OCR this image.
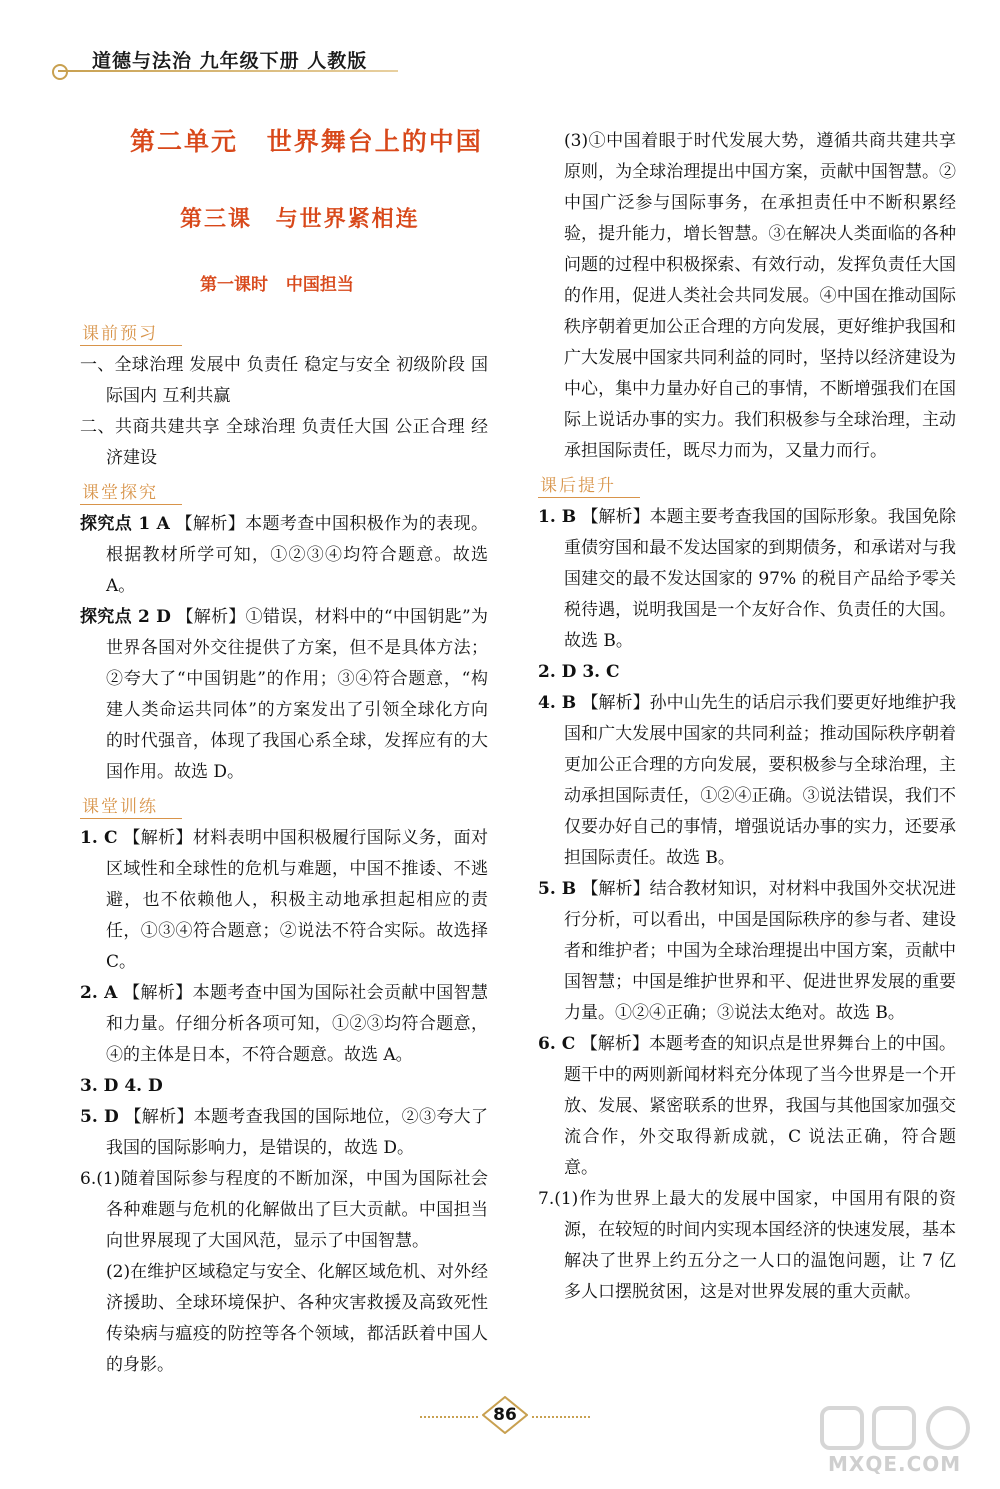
道德与法治 九年级下册 人教版
第二单元 世界舞台上的中国
第三课 与世界紧相连
第一课时 中国担当
课前预习

一、全球治理 发展中 负责任 稳定与安全 初级阶段 国际国内 互利共赢

二、共商共建共享 全球治理 负责任大国 公正合理 经济建设

课堂探究

探究点 1 A 【解析】本题考查中国积极作为的表现。根据教材所学可知，①②③④均符合题意。故选 A。

探究点 2 D 【解析】①错误，材料中的“中国钥匙”为世界各国对外交往提供了方案，但不是具体方法；②夸大了“中国钥匙”的作用；③④符合题意，“构建人类命运共同体”的方案发出了引领全球化方向的时代强音，体现了我国心系全球，发挥应有的大国作用。故选 D。

课堂训练

1. C 【解析】材料表明中国积极履行国际义务，面对区域性和全球性的危机与难题，中国不推诿、不逃避，也不依赖他人，积极主动地承担起相应的责任，①③④符合题意；②说法不符合实际。故选择 C。

2. A 【解析】本题考查中国为国际社会贡献中国智慧和力量。仔细分析各项可知，①②③均符合题意，④的主体是日本，不符合题意。故选 A。

3. D 4. D

5. D 【解析】本题考查我国的国际地位，②③夸大了我国的国际影响力，是错误的，故选 D。

6.(1)随着国际参与程度的不断加深，中国为国际社会各种难题与危机的化解做出了巨大贡献。中国担当向世界展现了大国风范，显示了中国智慧。

(2)在维护区域稳定与安全、化解区域危机、对外经济援助、全球环境保护、各种灾害救援及高致死性传染病与瘟疫的防控等各个领域，都活跃着中国人的身影。

(3)①中国着眼于时代发展大势，遵循共商共建共享原则，为全球治理提出中国方案，贡献中国智慧。②中国广泛参与国际事务，在承担责任中不断积累经验，提升能力，增长智慧。③在解决人类面临的各种问题的过程中积极探索、有效行动，发挥负责任大国的作用，促进人类社会共同发展。④中国在推动国际秩序朝着更加公正合理的方向发展，更好维护我国和广大发展中国家共同利益的同时，坚持以经济建设为中心，集中力量办好自己的事情，不断增强我们在国际上说话办事的实力。我们积极参与全球治理，主动承担国际责任，既尽力而为，又量力而行。

课后提升

1. B 【解析】本题主要考查我国的国际形象。我国免除重债穷国和最不发达国家的到期债务，和承诺对与我国建交的最不发达国家的 97% 的税目产品给予零关税待遇，说明我国是一个友好合作、负责任的大国。故选 B。

2. D 3. C

4. B 【解析】孙中山先生的话启示我们要更好地维护我国和广大发展中国家的共同利益；推动国际秩序朝着更加公正合理的方向发展，要积极参与全球治理，主动承担国际责任，①②④正确。③说法错误，我们不仅要办好自己的事情，增强说话办事的实力，还要承担国际责任。故选 B。

5. B 【解析】结合教材知识，对材料中我国外交状况进行分析，可以看出，中国是国际秩序的参与者、建设者和维护者；中国为全球治理提出中国方案，贡献中国智慧；中国是维护世界和平、促进世界发展的重要力量。①②④正确；③说法太绝对。故选 B。

6. C 【解析】本题考查的知识点是世界舞台上的中国。题干中的两则新闻材料充分体现了当今世界是一个开放、发展、紧密联系的世界，我国与其他国家加强交流合作，外交取得新成就，C 说法正确，符合题意。

7.(1)作为世界上最大的发展中国家，中国用有限的资源，在较短的时间内实现本国经济的快速发展，基本解决了世界上约五分之一人口的温饱问题，让 7 亿多人口摆脱贫困，这是对世界发展的重大贡献。

86
MXQE.COM
